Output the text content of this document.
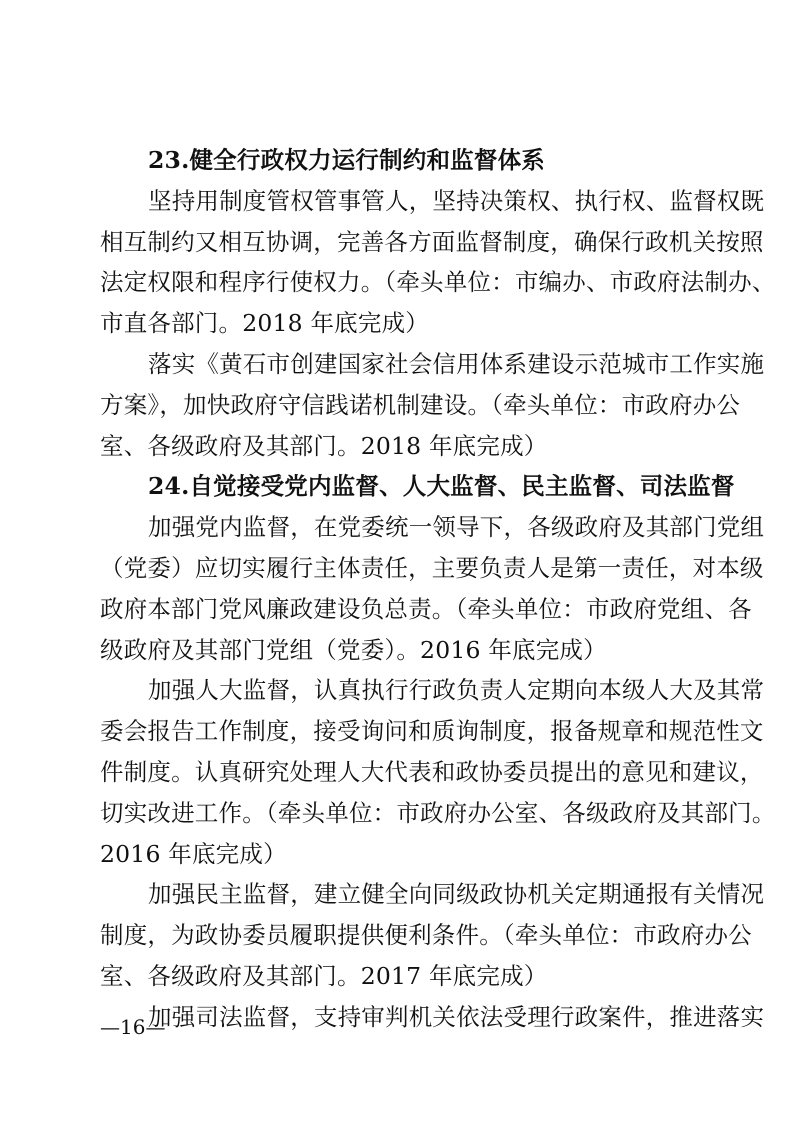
23.健全行政权力运行制约和监督体系
坚持用制度管权管事管人，坚持决策权、执行权、监督权既
相互制约又相互协调，完善各方面监督制度，确保行政机关按照
法定权限和程序行使权力。（牵头单位：市编办、市政府法制办、
市直各部门。2018 年底完成）
落实《黄石市创建国家社会信用体系建设示范城市工作实施
方案》，加快政府守信践诺机制建设。（牵头单位：市政府办公
室、各级政府及其部门。2018 年底完成）
24.自觉接受党内监督、人大监督、民主监督、司法监督
加强党内监督，在党委统一领导下，各级政府及其部门党组
（党委）应切实履行主体责任，主要负责人是第一责任，对本级
政府本部门党风廉政建设负总责。（牵头单位：市政府党组、各
级政府及其部门党组（党委）。2016 年底完成）
加强人大监督，认真执行行政负责人定期向本级人大及其常
委会报告工作制度，接受询问和质询制度，报备规章和规范性文
件制度。认真研究处理人大代表和政协委员提出的意见和建议，
切实改进工作。（牵头单位：市政府办公室、各级政府及其部门。
2016 年底完成）
加强民主监督，建立健全向同级政协机关定期通报有关情况
制度，为政协委员履职提供便利条件。（牵头单位：市政府办公
室、各级政府及其部门。2017 年底完成）
加强司法监督，支持审判机关依法受理行政案件，推进落实
—16—
